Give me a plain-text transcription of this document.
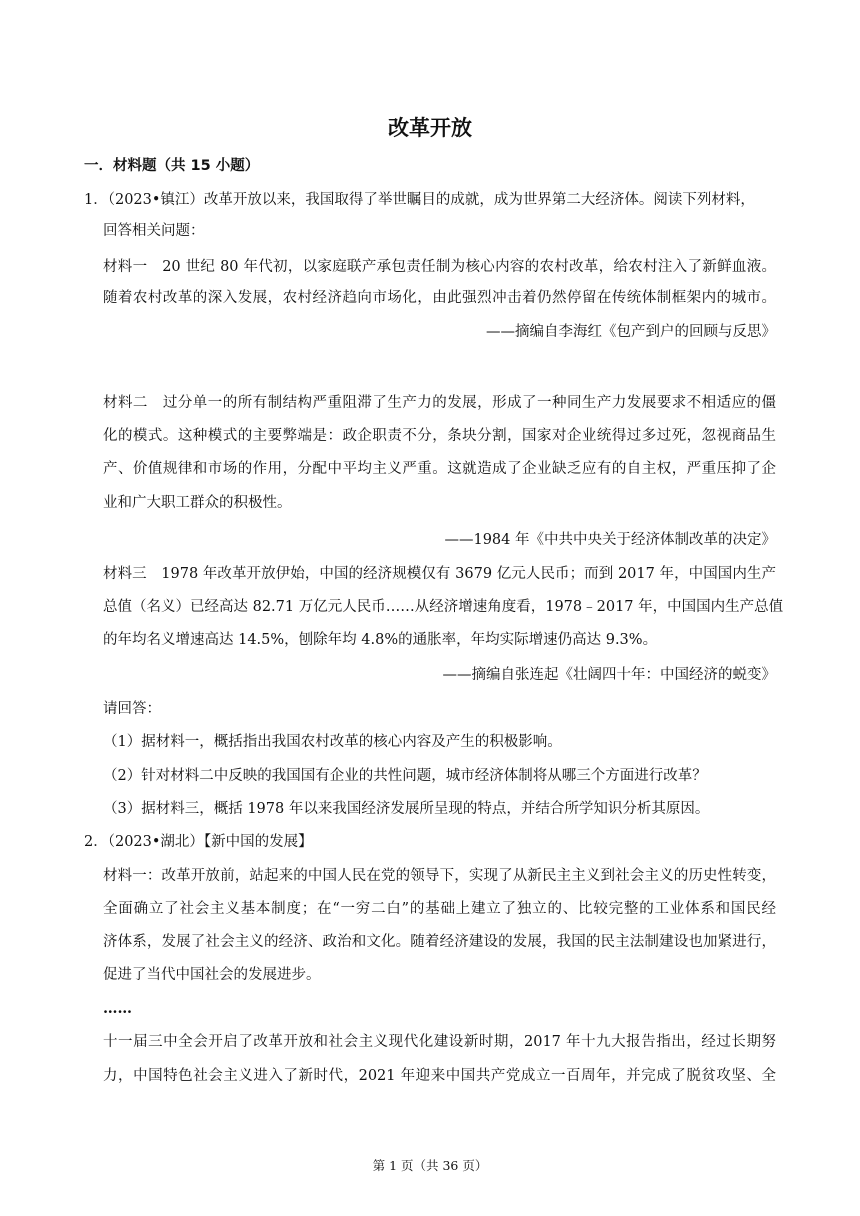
改革开放
一．材料题（共 15 小题）
1．（2023•镇江）改革开放以来，我国取得了举世瞩目的成就，成为世界第二大经济体。阅读下列材料，
回答相关问题：
材料一　20 世纪 80 年代初，以家庭联产承包责任制为核心内容的农村改革，给农村注入了新鲜血液。
随着农村改革的深入发展，农村经济趋向市场化，由此强烈冲击着仍然停留在传统体制框架内的城市。
——摘编自李海红《包产到户的回顾与反思》
材料二　过分单一的所有制结构严重阻滞了生产力的发展，形成了一种同生产力发展要求不相适应的僵
化的模式。这种模式的主要弊端是：政企职责不分，条块分割，国家对企业统得过多过死，忽视商品生
产、价值规律和市场的作用，分配中平均主义严重。这就造成了企业缺乏应有的自主权，严重压抑了企
业和广大职工群众的积极性。
——1984 年《中共中央关于经济体制改革的决定》
材料三　1978 年改革开放伊始，中国的经济规模仅有 3679 亿元人民币；而到 2017 年，中国国内生产
总值（名义）已经高达 82.71 万亿元人民币……从经济增速角度看，1978﹣2017 年，中国国内生产总值
的年均名义增速高达 14.5%，刨除年均 4.8%的通胀率，年均实际增速仍高达 9.3%。
——摘编自张连起《壮阔四十年：中国经济的蜕变》
请回答：
（1）据材料一，概括指出我国农村改革的核心内容及产生的积极影响。
（2）针对材料二中反映的我国国有企业的共性问题，城市经济体制将从哪三个方面进行改革？
（3）据材料三，概括 1978 年以来我国经济发展所呈现的特点，并结合所学知识分析其原因。
2．（2023•湖北）【新中国的发展】
材料一：改革开放前，站起来的中国人民在党的领导下，实现了从新民主主义到社会主义的历史性转变，
全面确立了社会主义基本制度；在“一穷二白”的基础上建立了独立的、比较完整的工业体系和国民经
济体系，发展了社会主义的经济、政治和文化。随着经济建设的发展，我国的民主法制建设也加紧进行，
促进了当代中国社会的发展进步。
……
十一届三中全会开启了改革开放和社会主义现代化建设新时期，2017 年十九大报告指出，经过长期努
力，中国特色社会主义进入了新时代，2021 年迎来中国共产党成立一百周年，并完成了脱贫攻坚、全
第 1 页（共 36 页）
